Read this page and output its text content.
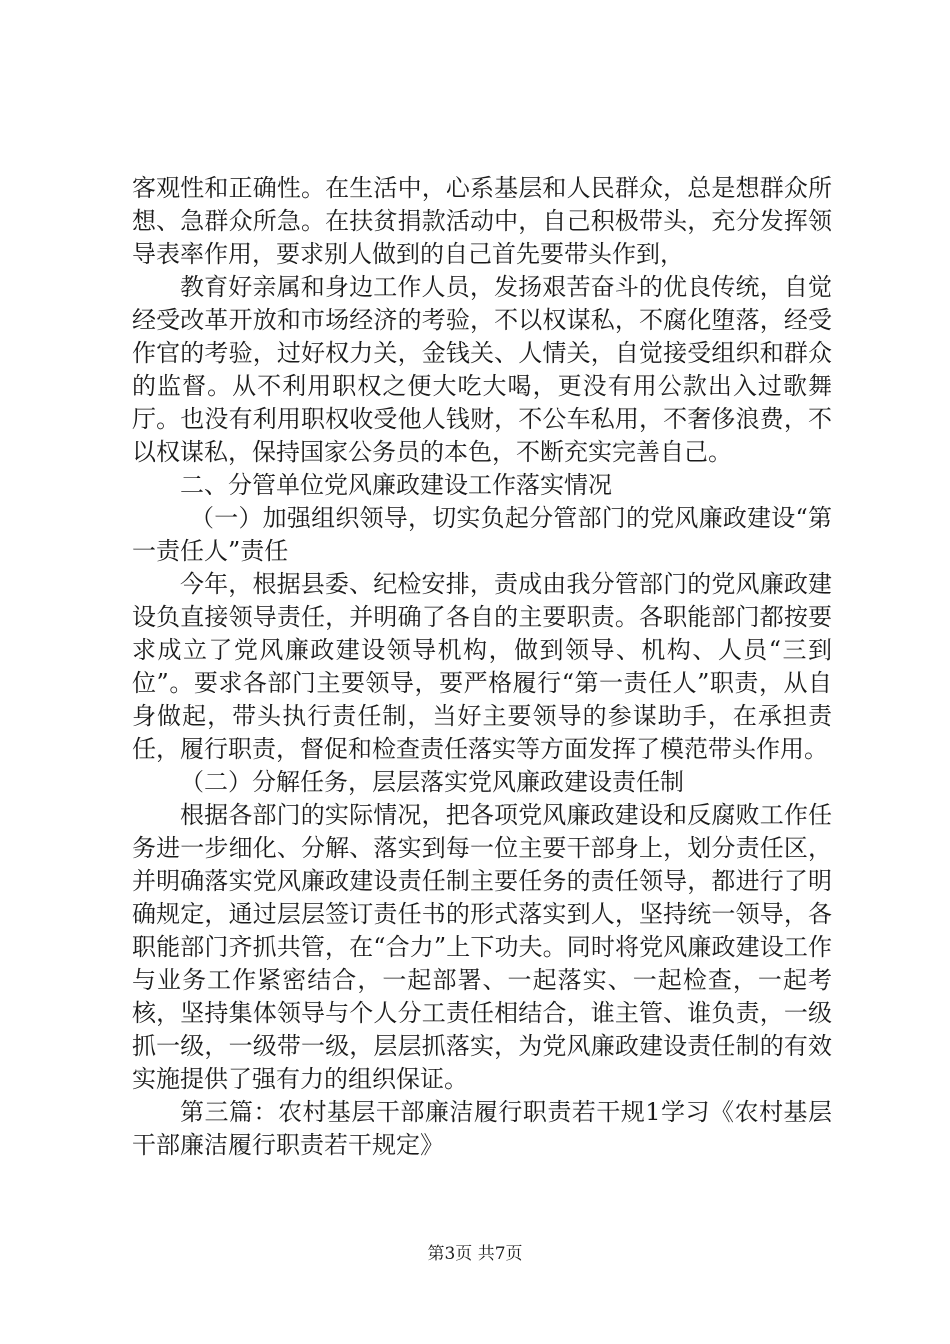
客观性和正确性。在生活中，心系基层和人民群众，总是想群众所想、急群众所急。在扶贫捐款活动中，自己积极带头，充分发挥领导表率作用，要求别人做到的自己首先要带头作到，

教育好亲属和身边工作人员，发扬艰苦奋斗的优良传统，自觉经受改革开放和市场经济的考验，不以权谋私，不腐化堕落，经受作官的考验，过好权力关，金钱关、人情关，自觉接受组织和群众的监督。从不利用职权之便大吃大喝，更没有用公款出入过歌舞厅。也没有利用职权收受他人钱财，不公车私用，不奢侈浪费，不以权谋私，保持国家公务员的本色，不断充实完善自己。

二、分管单位党风廉政建设工作落实情况

（一）加强组织领导，切实负起分管部门的党风廉政建设“第一责任人”责任

今年，根据县委、纪检安排，责成由我分管部门的党风廉政建设负直接领导责任，并明确了各自的主要职责。各职能部门都按要求成立了党风廉政建设领导机构，做到领导、机构、人员“三到位”。要求各部门主要领导，要严格履行“第一责任人”职责，从自身做起，带头执行责任制，当好主要领导的参谋助手，在承担责任，履行职责，督促和检查责任落实等方面发挥了模范带头作用。

（二）分解任务，层层落实党风廉政建设责任制

根据各部门的实际情况，把各项党风廉政建设和反腐败工作任务进一步细化、分解、落实到每一位主要干部身上，划分责任区，并明确落实党风廉政建设责任制主要任务的责任领导，都进行了明确规定，通过层层签订责任书的形式落实到人，坚持统一领导，各职能部门齐抓共管，在“合力”上下功夫。同时将党风廉政建设工作与业务工作紧密结合，一起部署、一起落实、一起检查，一起考核，坚持集体领导与个人分工责任相结合，谁主管、谁负责，一级抓一级，一级带一级，层层抓落实，为党风廉政建设责任制的有效实施提供了强有力的组织保证。

第三篇：农村基层干部廉洁履行职责若干规1学习《农村基层干部廉洁履行职责若干规定》

第3页 共7页
